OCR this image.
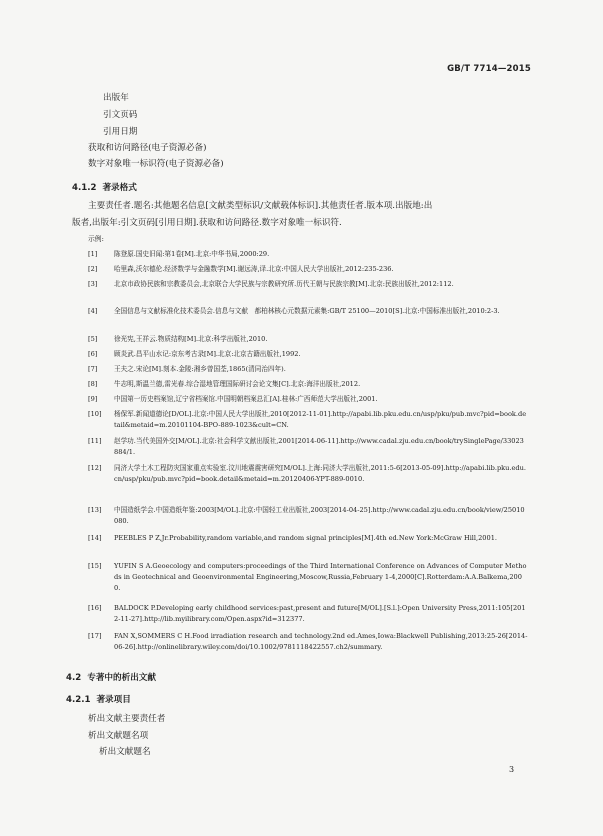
GB/T 7714—2015
出版年
引文页码
引用日期
获取和访问路径(电子资源必备)
数字对象唯一标识符(电子资源必备)
4.1.2 著录格式
主要责任者.题名:其他题名信息[文献类型标识/文献载体标识].其他责任者.版本项.出版地:出
版者,出版年:引文页码[引用日期].获取和访问路径.数字对象唯一标识符.
示例:
[1]	陈登原.国史旧闻:第1卷[M].北京:中华书局,2000:29.
[2]	哈里森,沃尔德伦.经济数学与金融数学[M].谢远涛,译.北京:中国人民大学出版社,2012:235-236.
[3]	北京市政协民族和宗教委员会,北京联合大学民族与宗教研究所.历代王朝与民族宗教[M].北京:民族出版社,2012:112.
[4]	全国信息与文献标准化技术委员会.信息与文献　都柏林核心元数据元素集:GB/T 25100—2010[S].北京:中国标准出版社,2010:2-3.
[5]	徐光宪,王祥云.物质结构[M].北京:科学出版社,2010.
[6]	顾炎武.昌平山水记:京东考古录[M].北京:北京古籍出版社,1992.
[7]	王夫之.宋论[M].刻本.金陵:湘乡曾国荃,1865(清同治四年).
[8]	牛志明,斯温兰德,雷光春.综合湿地管理国际研讨会论文集[C].北京:海洋出版社,2012.
[9]	中国第一历史档案馆,辽宁省档案馆.中国明朝档案总汇[A].桂林:广西师范大学出版社,2001.
[10] 杨保军.新闻道德论[D/OL].北京:中国人民大学出版社,2010[2012-11-01].http://apabi.lib.pku.edu.cn/usp/pku/pub.mvc?pid=book.detail&metaid=m.20101104-BPO-889-1023&cult=CN.
[11] 赵学功.当代美国外交[M/OL].北京:社会科学文献出版社,2001[2014-06-11].http://www.cadal.zju.edu.cn/book/trySinglePage/33023884/1.
[12] 同济大学土木工程防灾国家重点实验室.汶川地震震害研究[M/OL].上海:同济大学出版社,2011:5-6[2013-05-09].http://apabi.lib.pku.edu.cn/usp/pku/pub.mvc?pid=book.detail&metaid=m.20120406-YPT-889-0010.
[13] 中国造纸学会.中国造纸年鉴:2003[M/OL].北京:中国轻工业出版社,2003[2014-04-25].http://www.cadal.zju.edu.cn/book/view/25010080.
[14] PEEBLES P Z,Jr.Probability,random variable,and random signal principles[M].4th ed.New York:McGraw Hill,2001.
[15] YUFIN S A.Geoecology and computers:proceedings of the Third International Conference on Advances of Computer Methods in Geotechnical and Geoenvironmental Engineering,Moscow,Russia,February 1-4,2000[C].Rotterdam:A.A.Balkema,2000.
[16] BALDOCK P.Developing early childhood services:past,present and future[M/OL].[S.l.]:Open University Press,2011:105[2012-11-27].http://lib.myilibrary.com/Open.aspx?id=312377.
[17] FAN X,SOMMERS C H.Food irradiation research and technology.2nd ed.Ames,Iowa:Blackwell Publishing,2013:25-26[2014-06-26].http://onlinelibrary.wiley.com/doi/10.1002/9781118422557.ch2/summary.
4.2 专著中的析出文献
4.2.1 著录项目
析出文献主要责任者
析出文献题名项
析出文献题名
3
